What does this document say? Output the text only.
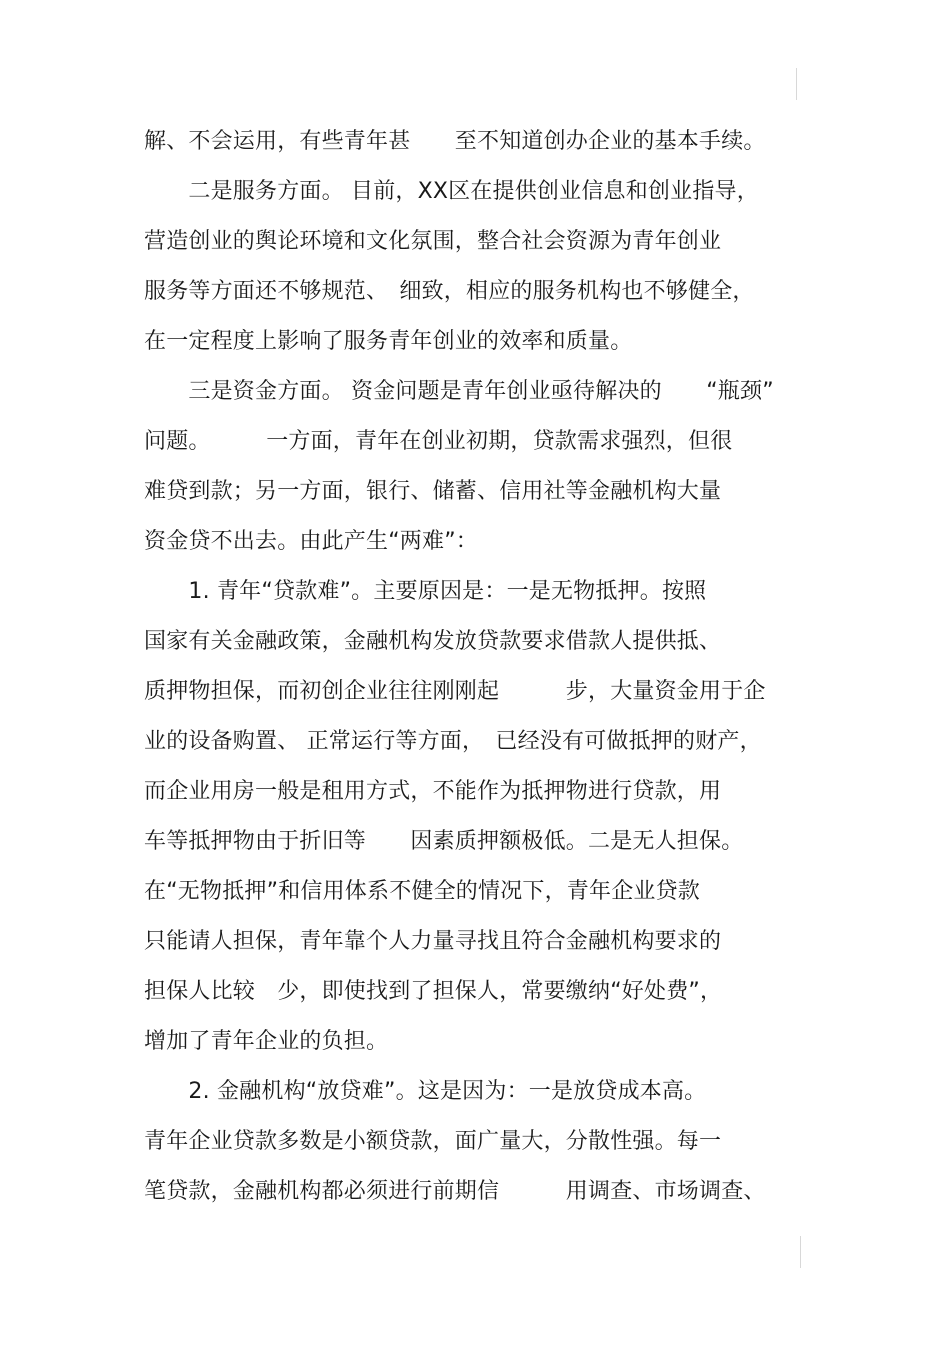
解、不会运用，有些青年甚　　至不知道创办企业的基本手续。
　　二是服务方面。 目前，XX区在提供创业信息和创业指导，
营造创业的舆论环境和文化氛围，整合社会资源为青年创业
服务等方面还不够规范、　细致，相应的服务机构也不够健全，
在一定程度上影响了服务青年创业的效率和质量。
　　三是资金方面。 资金问题是青年创业亟待解决的　　“瓶颈”
问题。　　　一方面，青年在创业初期，贷款需求强烈，但很
难贷到款；另一方面，银行、储蓄、信用社等金融机构大量
资金贷不出去。由此产生“两难”：
　　1. 青年“贷款难”。主要原因是：一是无物抵押。按照
国家有关金融政策，金融机构发放贷款要求借款人提供抵、
质押物担保，而初创企业往往刚刚起　　　步，大量资金用于企
业的设备购置、 正常运行等方面，　已经没有可做抵押的财产，
而企业用房一般是租用方式，不能作为抵押物进行贷款，用
车等抵押物由于折旧等　　因素质押额极低。二是无人担保。
在“无物抵押”和信用体系不健全的情况下，青年企业贷款
只能请人担保，青年靠个人力量寻找且符合金融机构要求的
担保人比较　少，即使找到了担保人，常要缴纳“好处费”，
增加了青年企业的负担。
　　2. 金融机构“放贷难”。这是因为：一是放贷成本高。
青年企业贷款多数是小额贷款，面广量大，分散性强。每一
笔贷款，金融机构都必须进行前期信　　　用调查、市场调查、
